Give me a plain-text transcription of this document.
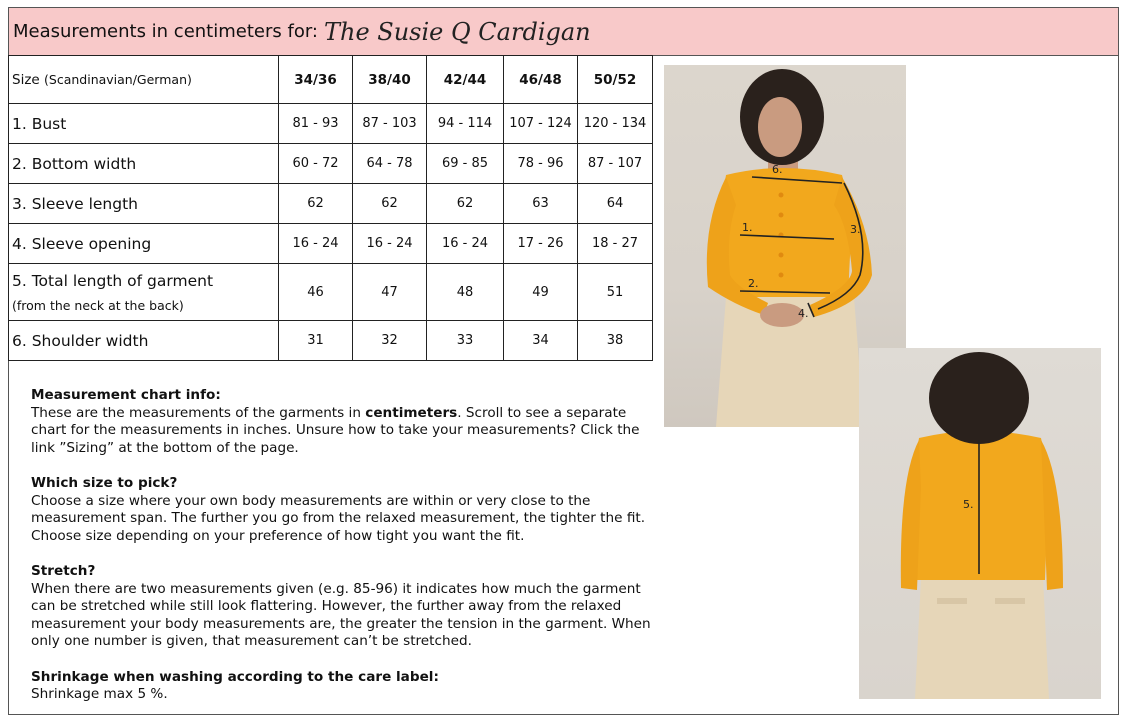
Measurements in centimeters for: The Susie Q Cardigan
Size (Scandinavian/German)	34/36	38/40	42/44	46/48	50/52
1. Bust	81 - 93	87 - 103	94 - 114	107 - 124	120 - 134
2. Bottom width	60 - 72	64 - 78	69 - 85	78 - 96	87 - 107
3. Sleeve length	62	62	62	63	64
4. Sleeve opening	16 - 24	16 - 24	16 - 24	17 - 26	18 - 27
5. Total length of garment
(from the neck at the back)	46	47	48	49	51
6. Shoulder width	31	32	33	34	38
Measurement chart info:
These are the measurements of the garments in centimeters. Scroll to see a separate chart for the measurements in inches. Unsure how to take your measurements? Click the link ”Sizing” at the bottom of the page.
Which size to pick?
Choose a size where your own body measurements are within or very close to the measurement span. The further you go from the relaxed measurement, the tighter the fit. Choose size depending on your preference of how tight you want the fit.
Stretch?
When there are two measurements given (e.g. 85-96) it indicates how much the garment can be stretched while still look flattering. However, the further away from the relaxed measurement your body measurements are, the greater the tension in the garment. When only one number is given, that measurement can’t be stretched.
Shrinkage when washing according to the care label:
Shrinkage max 5 %.
6.
1.
2.
3.
4.
5.
